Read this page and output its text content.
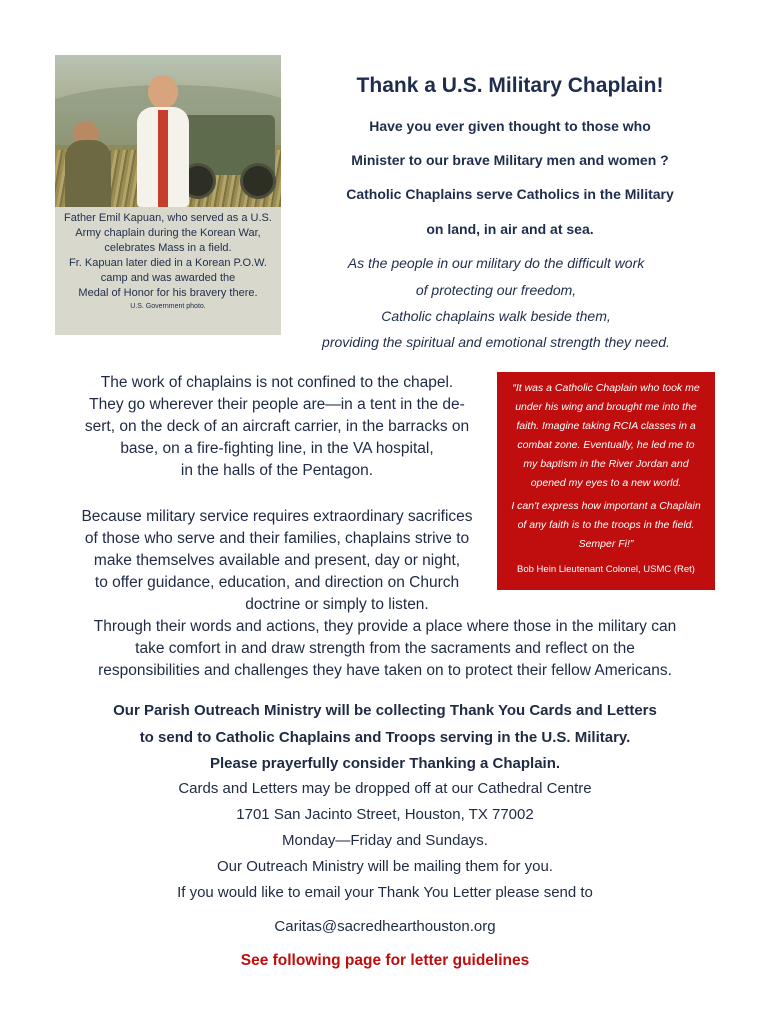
Father Emil Kapuan, who served as a U.S.
Army chaplain during the Korean War,
celebrates Mass in a field.
Fr. Kapuan later died in a Korean P.O.W.
camp and was awarded the
Medal of Honor for his bravery there.
U.S. Government photo.
Thank a U.S. Military Chaplain!
Have you ever given thought to those who
Minister to our brave Military men and women ?
Catholic Chaplains serve Catholics in the Military
on land, in air and at sea.
As the people in our military do the difficult work
of protecting our freedom,
Catholic chaplains walk beside them,
providing the spiritual and emotional strength they need.
The work of chaplains is not confined to the chapel.
They go wherever their people are—in a tent in the de-
sert, on the deck of an aircraft carrier, in the barracks on
base, on a fire-fighting line, in the VA hospital,
in the halls of the Pentagon.
Because military service requires extraordinary sacrifices
of those who serve and their families, chaplains strive to
make themselves available and present, day or night,
to offer guidance, education, and direction on Church
doctrine or simply to listen.
Through their words and actions, they provide a place where those in the military can
take comfort in and draw strength from the sacraments and reflect on the
responsibilities and challenges they have taken on to protect their fellow Americans.
“It was a Catholic Chaplain who took me
under his wing and brought me into the
faith. Imagine taking RCIA classes in a
combat zone. Eventually, he led me to
my baptism in the River Jordan and
opened my eyes to a new world.
I can't express how important a Chaplain
of any faith is to the troops in the field.
Semper Fi!”
Bob Hein Lieutenant Colonel, USMC (Ret)
Our Parish Outreach Ministry will be collecting Thank You Cards and Letters
to send to Catholic Chaplains and Troops serving in the U.S. Military.
Please prayerfully consider Thanking a Chaplain.
Cards and Letters may be dropped off at our Cathedral Centre
1701 San Jacinto Street, Houston, TX 77002
Monday—Friday and Sundays.
Our Outreach Ministry will be mailing them for you.
If you would like to email your Thank You Letter please send to
Caritas@sacredhearthouston.org
See following page for letter guidelines
